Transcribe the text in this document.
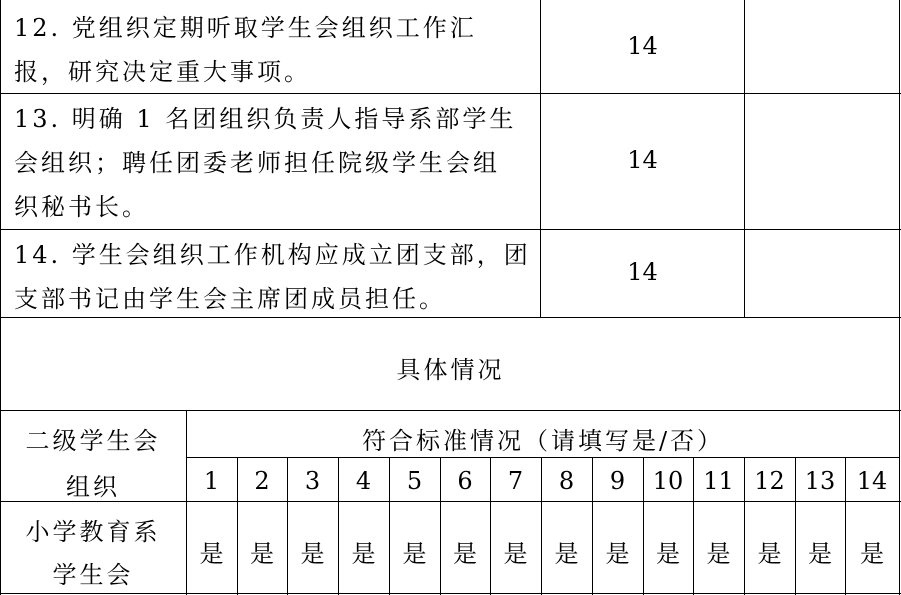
12. 党组织定期听取学生会组织工作汇
报，研究决定重大事项。
14
13. 明确 1 名团组织负责人指导系部学生
会组织；聘任团委老师担任院级学生会组
织秘书长。
14
14. 学生会组织工作机构应成立团支部，团
支部书记由学生会主席团成员担任。
14
具体情况
二级学生会
组织
符合标准情况（请填写是/否）
1	2	3	4	5	6	7	8	9	10 11 12 13 14
小学教育系
学生会
是	是	是	是	是	是	是	是	是	是	是	是	是	是
